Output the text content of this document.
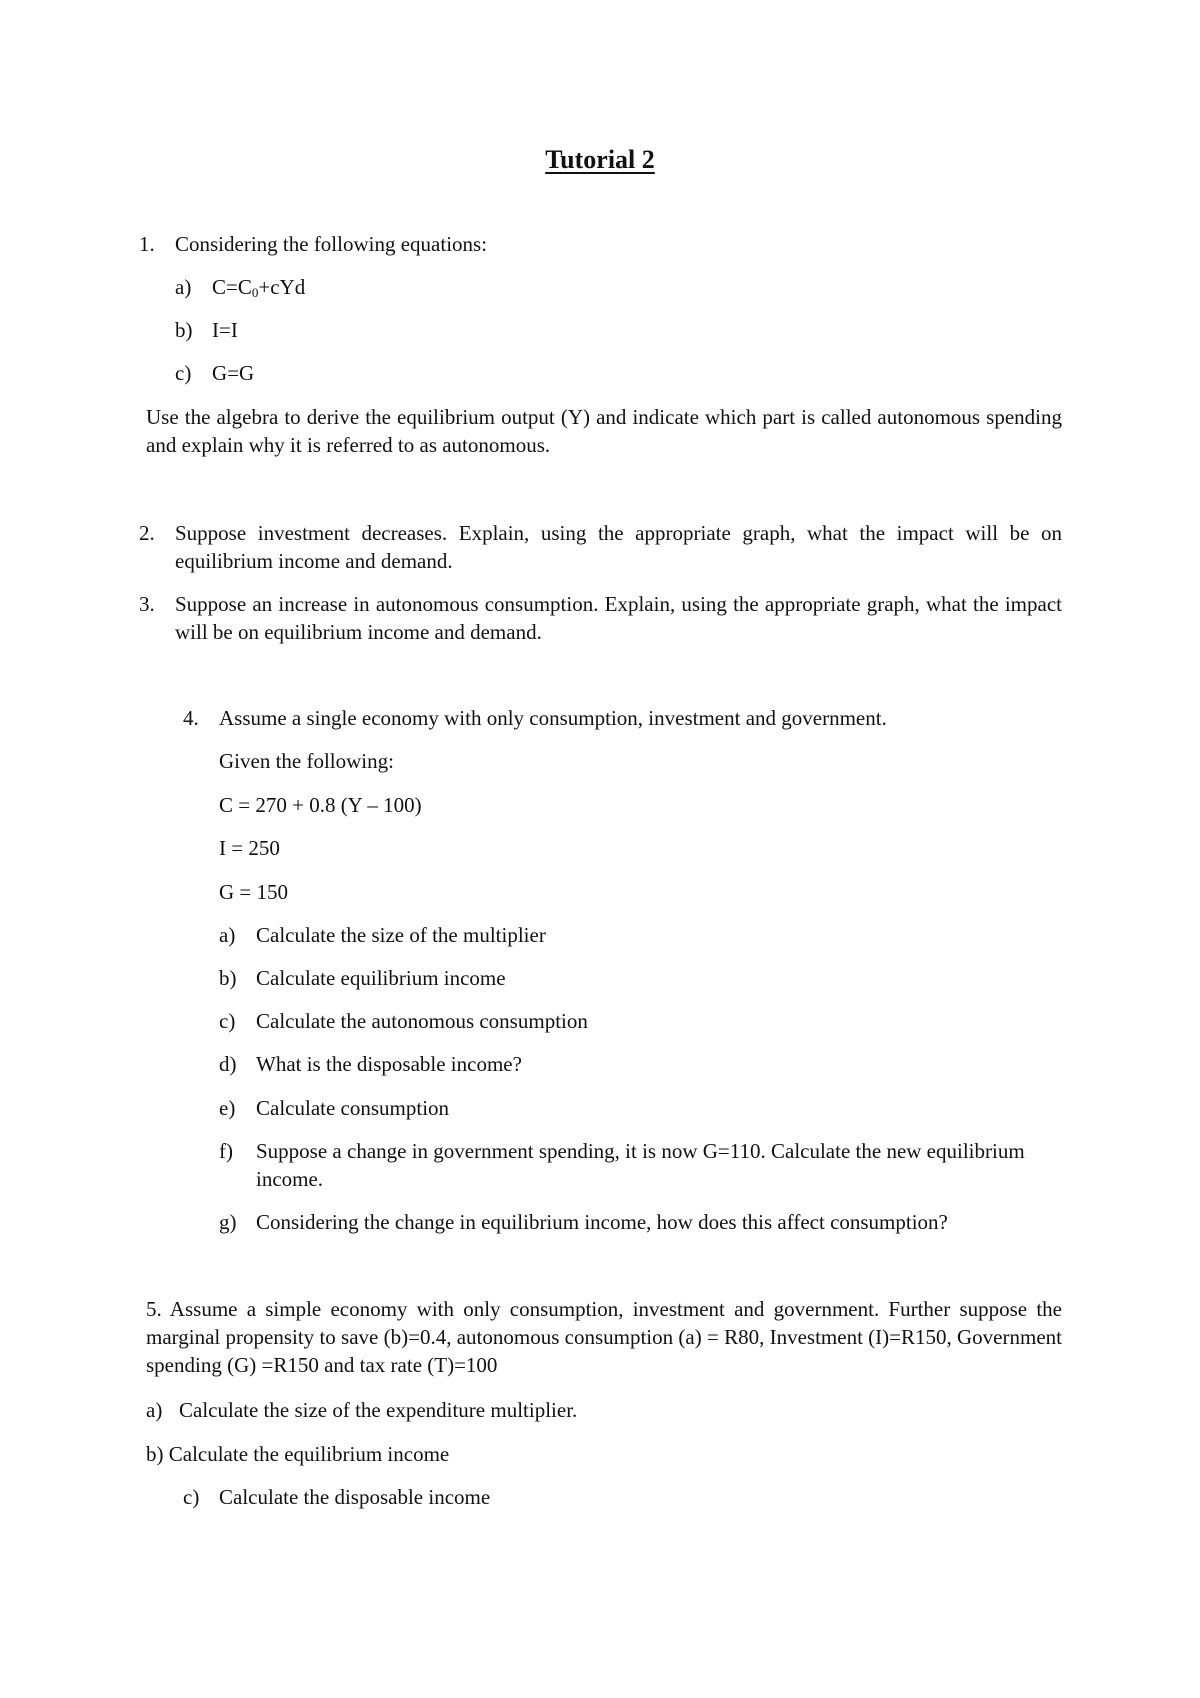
Tutorial 2
1. Considering the following equations:
a) $C=C_0+cYd$
b) I=I
c) G=G
Use the algebra to derive the equilibrium output (Y) and indicate which part is called autonomous spending and explain why it is referred to as autonomous.
2. Suppose investment decreases. Explain, using the appropriate graph, what the impact will be on equilibrium income and demand.
3. Suppose an increase in autonomous consumption. Explain, using the appropriate graph, what the impact will be on equilibrium income and demand.
4. Assume a single economy with only consumption, investment and government.
Given the following:
C = 270 + 0.8 (Y – 100)
I = 250
G = 150
a) Calculate the size of the multiplier
b) Calculate equilibrium income
c) Calculate the autonomous consumption
d) What is the disposable income?
e) Calculate consumption
f) Suppose a change in government spending, it is now G=110. Calculate the new equilibrium income.
g) Considering the change in equilibrium income, how does this affect consumption?
5. Assume a simple economy with only consumption, investment and government. Further suppose the marginal propensity to save (b)=0.4, autonomous consumption (a) = R80, Investment (I)=R150, Government spending (G) =R150 and tax rate (T)=100
a) Calculate the size of the expenditure multiplier.
b) Calculate the equilibrium income
c) Calculate the disposable income
